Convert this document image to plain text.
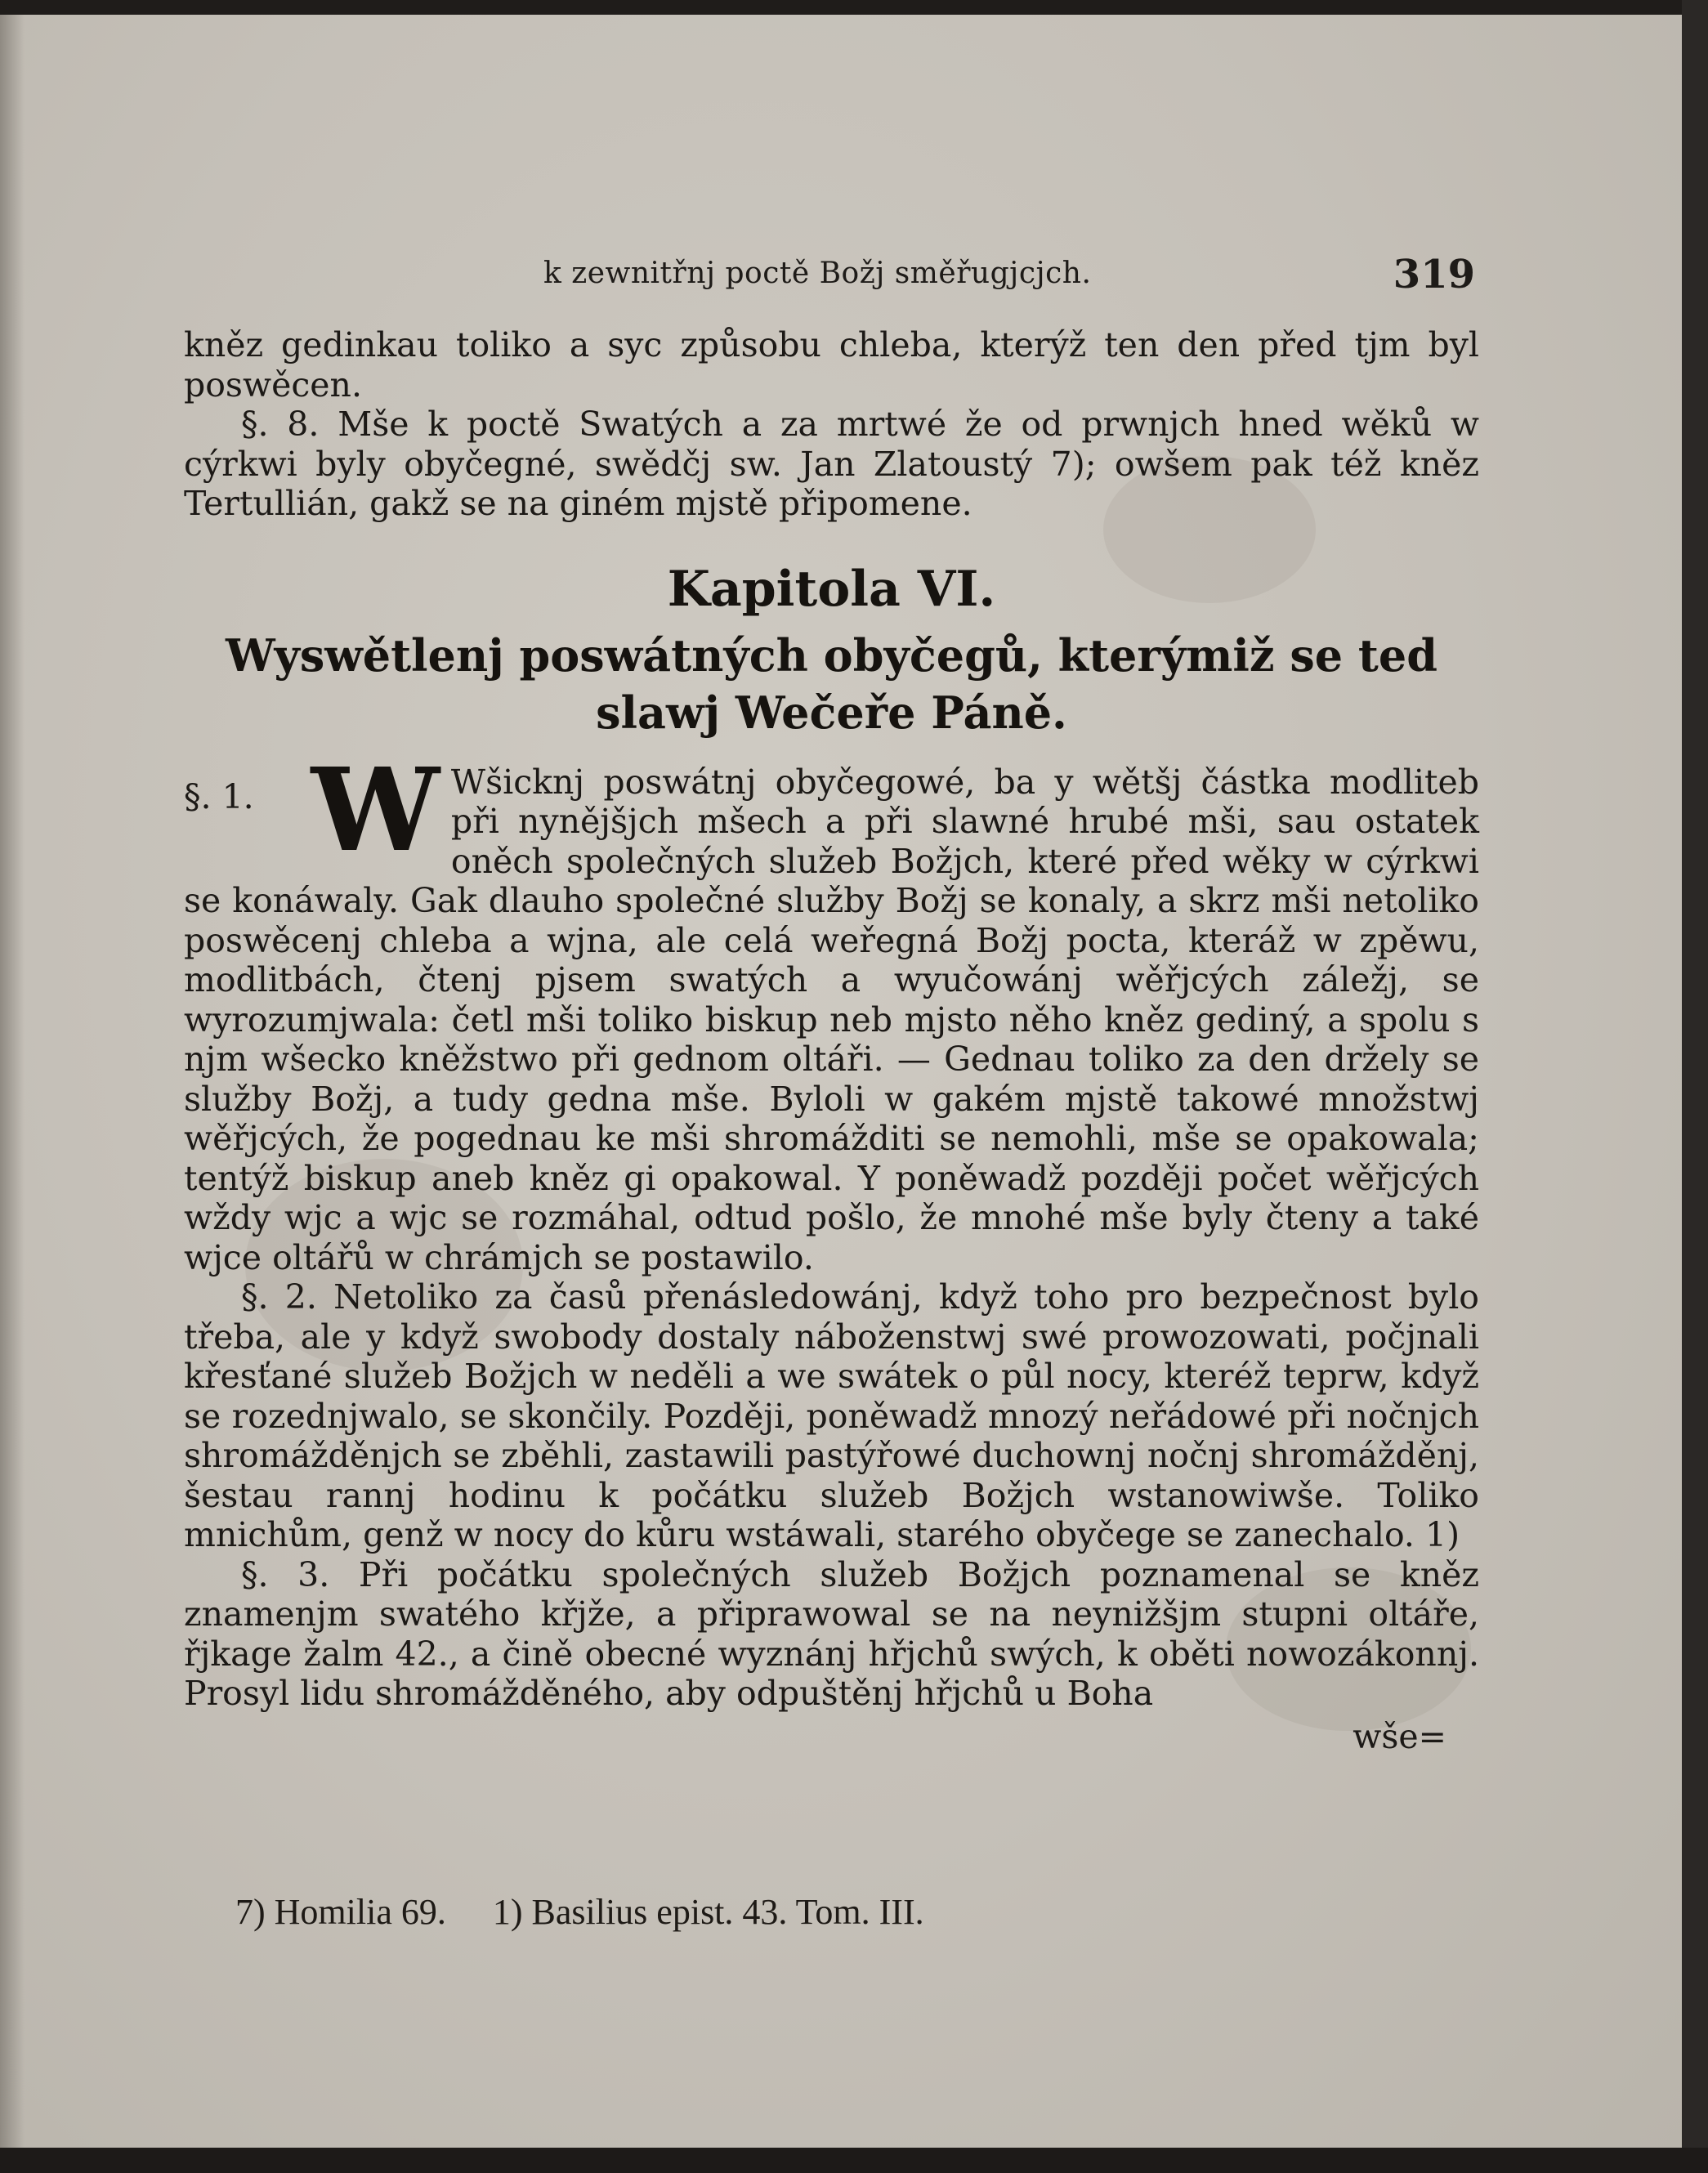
k zewnitřnj poctě Božj směřugjcjch.	319

kněz gedinkau toliko a syc způsobu chleba, kterýž ten den před tjm byl poswěcen.

§. 8. Mše k poctě Swatých a za mrtwé že od prwnjch hned wěků w cýrkwi byly obyčegné, swědčj sw. Jan Zlatoustý 7); owšem pak též kněz Tertullián, gakž se na giném mjstě připomene.

Kapitola VI.
Wyswětlenj poswátných obyčegů, kterýmiž se ted slawj Wečeře Páně.
§. 1. W Wšicknj poswátnj obyčegowé, ba y wětšj částka modliteb při nynějšjch mšech a při slawné hrubé mši, sau ostatek oněch společných služeb Božjch, které před wěky w cýrkwi se konáwaly. Gak dlauho společné služby Božj se konaly, a skrz mši netoliko poswěcenj chleba a wjna, ale celá weřegná Božj pocta, kteráž w zpěwu, modlitbách, čtenj pjsem swatých a wyučowánj wěřjcých záležj, se wyrozumjwala: četl mši toliko biskup neb mjsto něho kněz gediný, a spolu s njm wšecko kněžstwo při gednom oltáři. — Gednau toliko za den držely se služby Božj, a tudy gedna mše. Byloli w gakém mjstě takowé množstwj wěřjcých, že pogednau ke mši shromážditi se nemohli, mše se opakowala; tentýž biskup aneb kněz gi opakowal. Y poněwadž později počet wěřjcých wždy wjc a wjc se rozmáhal, odtud pošlo, že mnohé mše byly čteny a také wjce oltářů w chrámjch se postawilo.

§. 2. Netoliko za časů přenásledowánj, když toho pro bezpečnost bylo třeba, ale y když swobody dostaly náboženstwj swé prowozowati, počjnali křesťané služeb Božjch w neděli a we swátek o půl nocy, kteréž teprw, když se rozednjwalo, se skončily. Později, poněwadž mnozý neřádowé při nočnjch shromážděnjch se zběhli, zastawili pastýřowé duchownj nočnj shromážděnj, šestau rannj hodinu k počátku služeb Božjch wstanowiwše. Toliko mnichům, genž w nocy do kůru wstáwali, starého obyčege se zanechalo. 1)

§. 3. Při počátku společných služeb Božjch poznamenal se kněz znamenjm swatého křjže, a připrawowal se na neynižšjm stupni oltáře, řjkage žalm 42., a čině obecné wyznánj hřjchů swých, k oběti nowozákonnj. Prosyl lidu shromážděného, aby odpuštěnj hřjchů u Boha

wše=
7) Homilia 69. 1) Basilius epist. 43. Tom. III.
